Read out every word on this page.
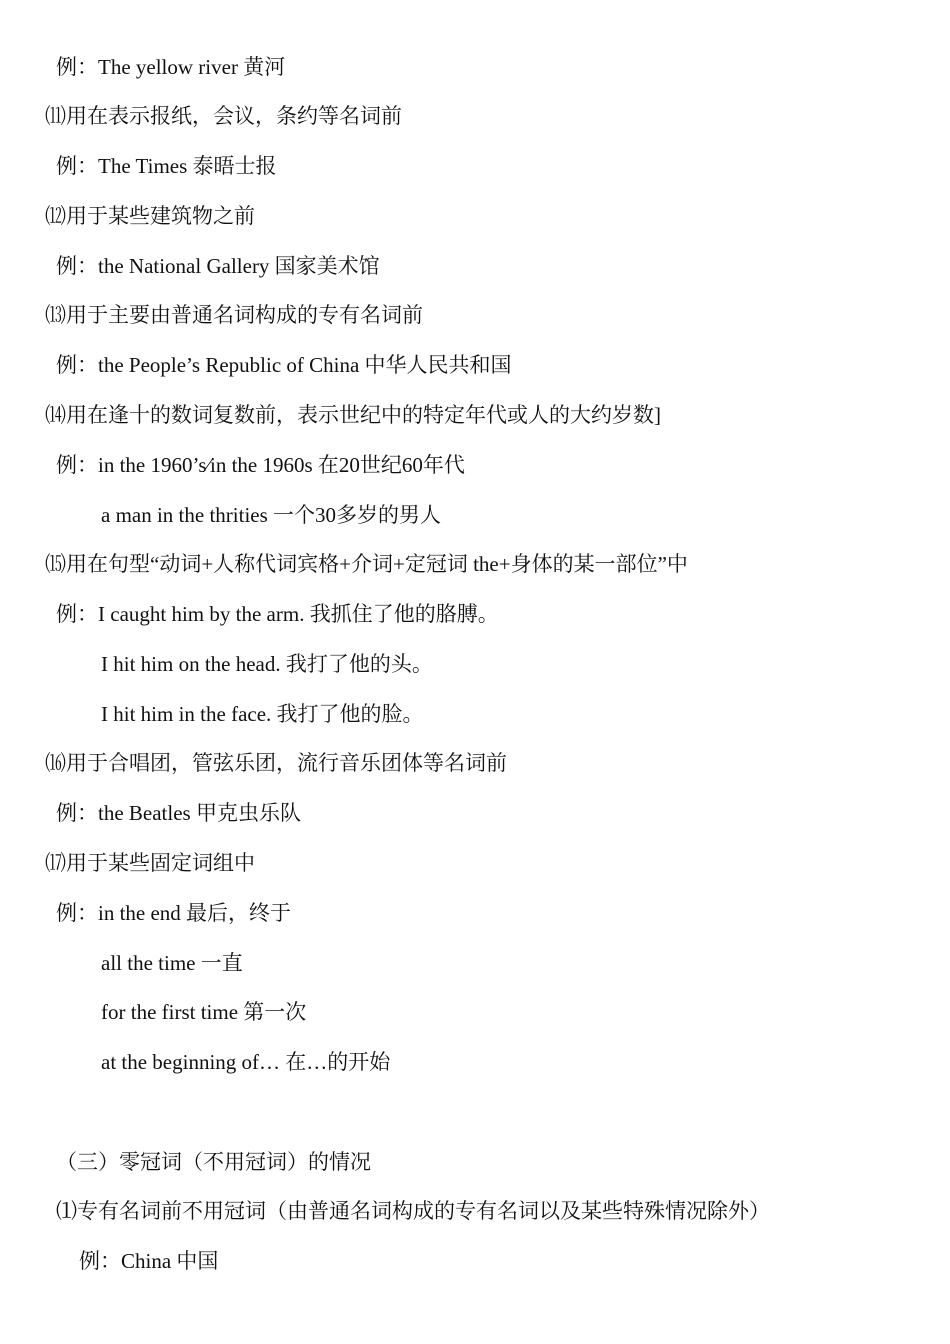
例：The yellow river 黄河
⑾用在表示报纸，会议，条约等名词前
例：The Times 泰晤士报
⑿用于某些建筑物之前
例：the National Gallery 国家美术馆
⒀用于主要由普通名词构成的专有名词前
例：the People’s Republic of China 中华人民共和国
⒁用在逢十的数词复数前，表示世纪中的特定年代或人的大约岁数]
例：in the 1960’s⁄in the 1960s 在20世纪60年代
a man in the thrities 一个30多岁的男人
⒂用在句型“动词+人称代词宾格+介词+定冠词 the+身体的某一部位”中
例：I caught him by the arm. 我抓住了他的胳膊。
I hit him on the head. 我打了他的头。
I hit him in the face. 我打了他的脸。
⒃用于合唱团，管弦乐团，流行音乐团体等名词前
例：the Beatles 甲克虫乐队
⒄用于某些固定词组中
例：in the end 最后，终于
all the time 一直
for the first time 第一次
at the beginning of… 在…的开始
（三）零冠词（不用冠词）的情况
⑴专有名词前不用冠词（由普通名词构成的专有名词以及某些特殊情况除外）
例：China 中国
